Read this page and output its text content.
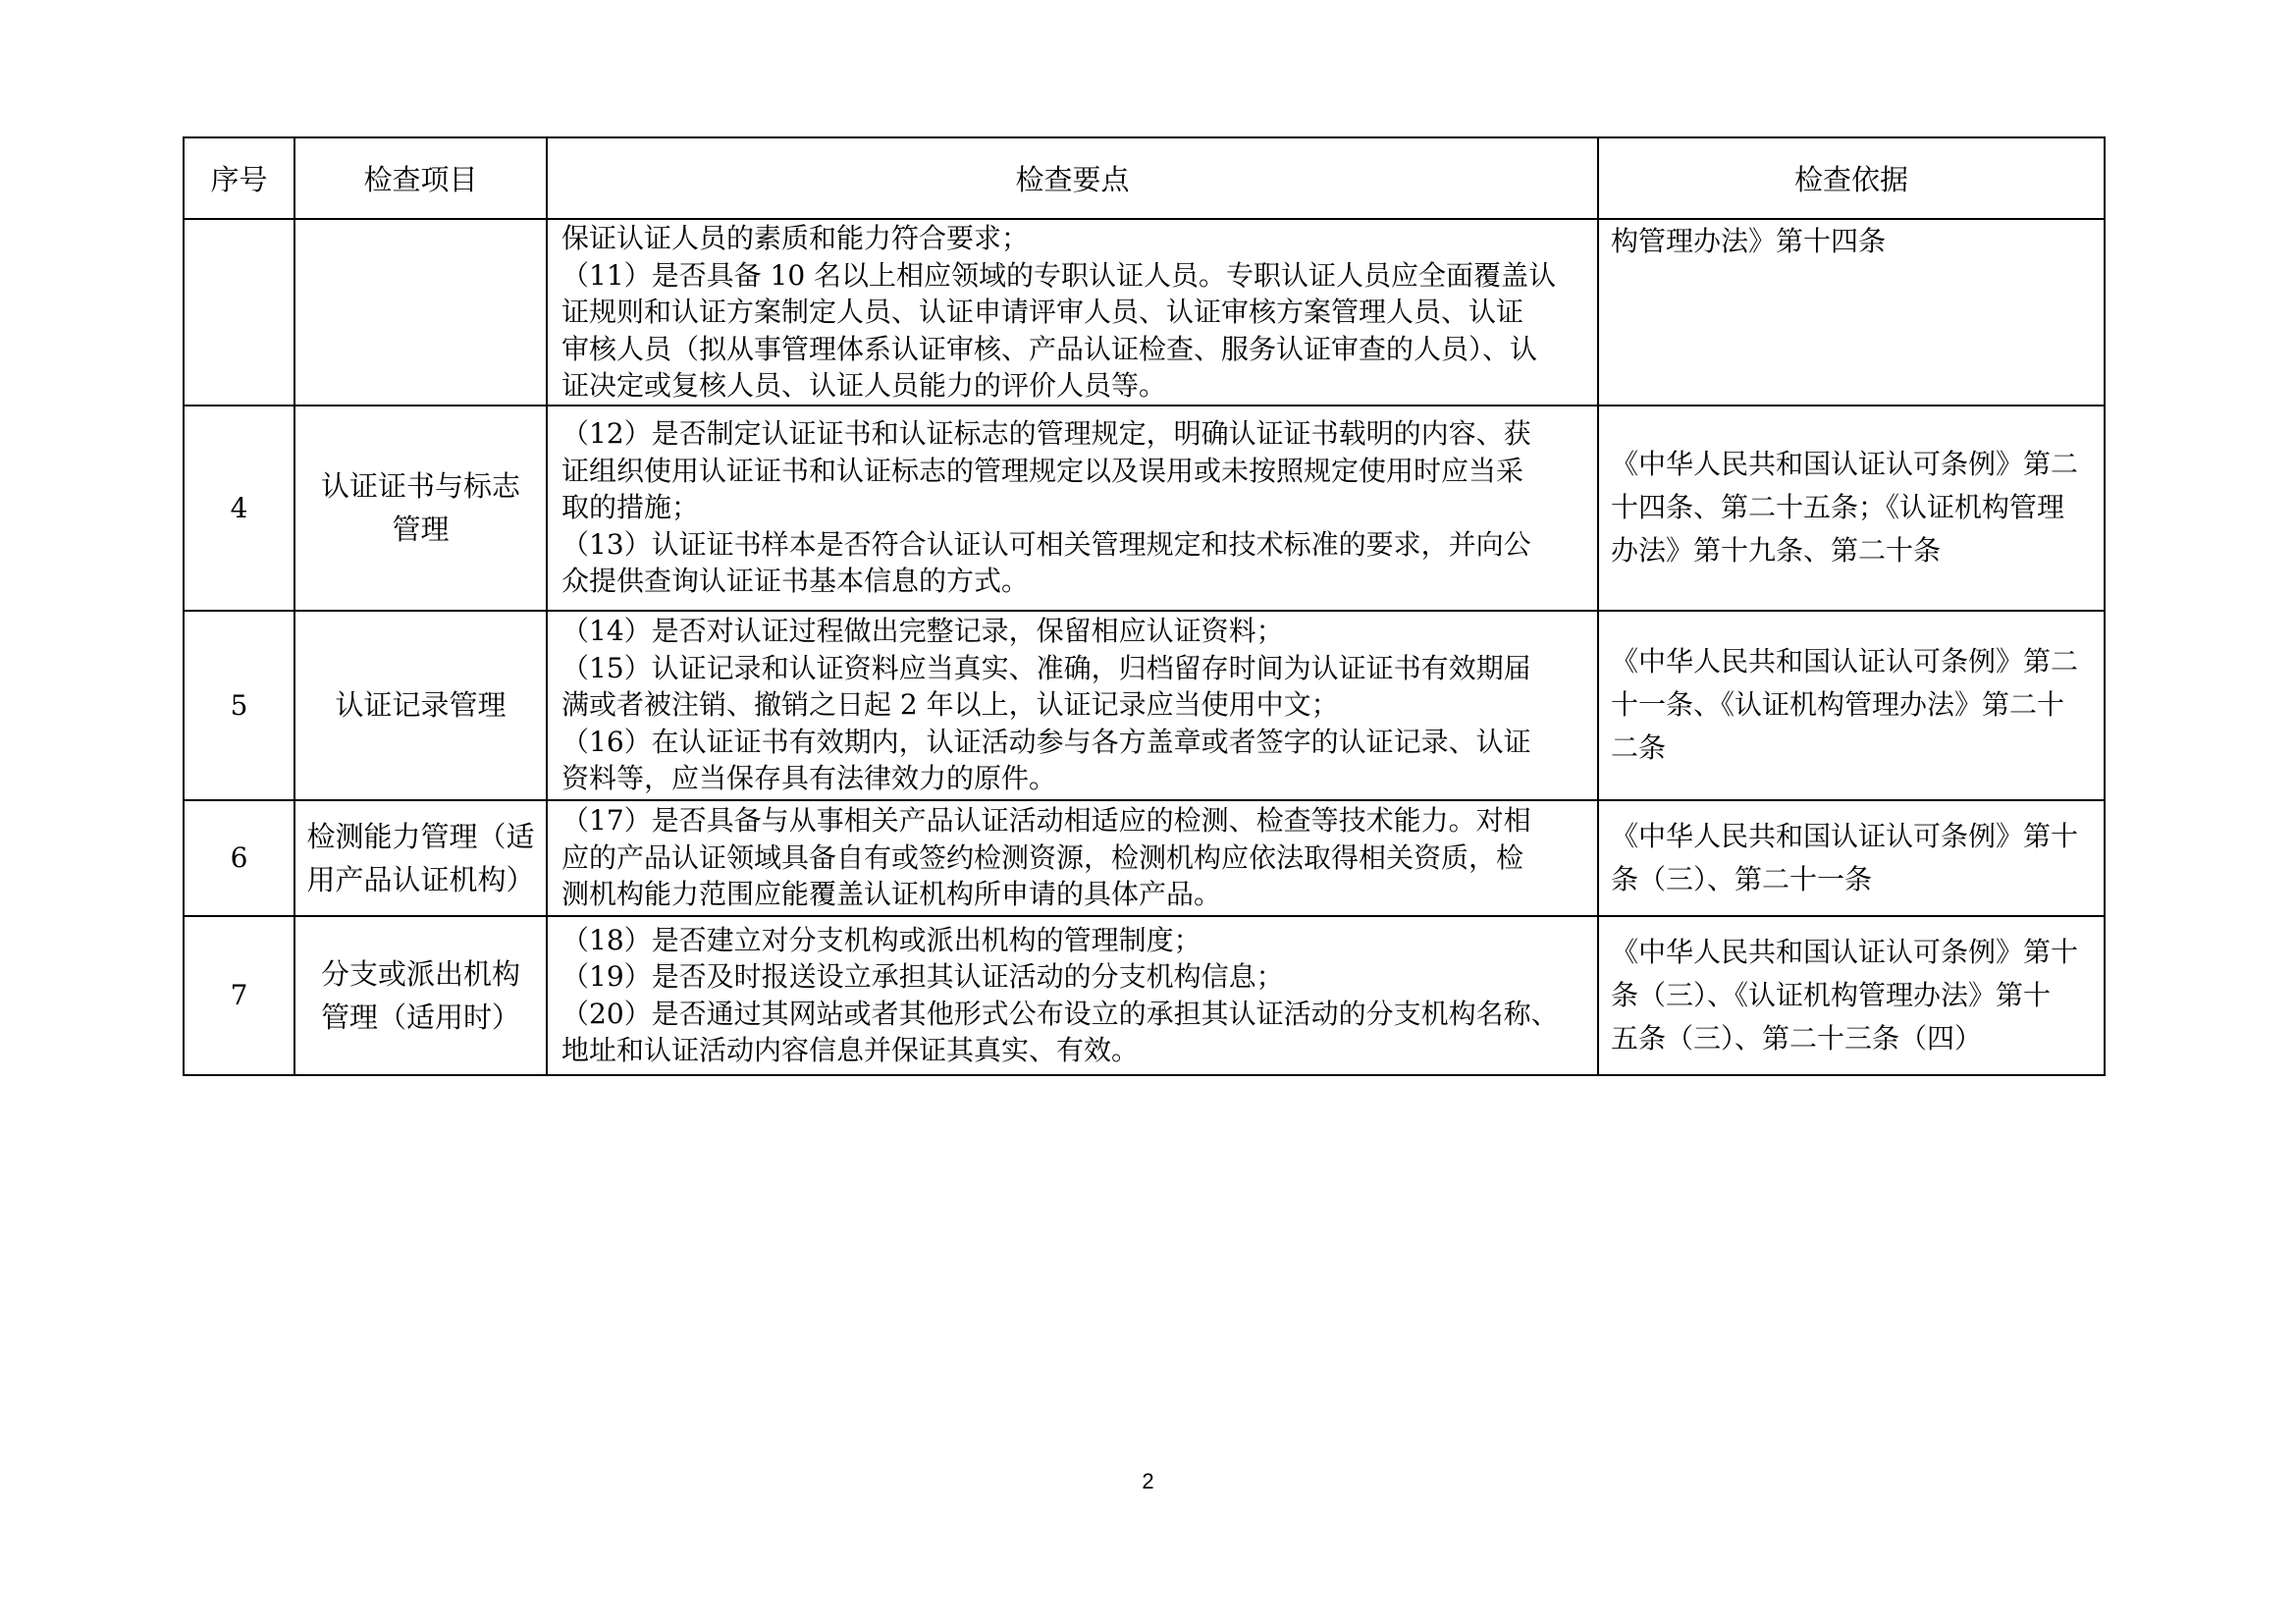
序号	检查项目	检查要点	检查依据

		保证认证人员的素质和能力符合要求；
（11）是否具备 10 名以上相应领域的专职认证人员。专职认证人员应全面覆盖认
证规则和认证方案制定人员、认证申请评审人员、认证审核方案管理人员、认证
审核人员（拟从事管理体系认证审核、产品认证检查、服务认证审查的人员）、认
证决定或复核人员、认证人员能力的评价人员等。	构管理办法》第十四条

4	认证证书与标志
管理	（12）是否制定认证证书和认证标志的管理规定，明确认证证书载明的内容、获
证组织使用认证证书和认证标志的管理规定以及误用或未按照规定使用时应当采
取的措施；
（13）认证证书样本是否符合认证认可相关管理规定和技术标准的要求，并向公
众提供查询认证证书基本信息的方式。	《中华人民共和国认证认可条例》第二
十四条、第二十五条；《认证机构管理
办法》第十九条、第二十条

5	认证记录管理	（14）是否对认证过程做出完整记录，保留相应认证资料；
（15）认证记录和认证资料应当真实、准确，归档留存时间为认证证书有效期届
满或者被注销、撤销之日起 2 年以上，认证记录应当使用中文；
（16）在认证证书有效期内，认证活动参与各方盖章或者签字的认证记录、认证
资料等，应当保存具有法律效力的原件。	《中华人民共和国认证认可条例》第二
十一条、《认证机构管理办法》第二十
二条

6	检测能力管理（适
用产品认证机构）	（17）是否具备与从事相关产品认证活动相适应的检测、检查等技术能力。对相
应的产品认证领域具备自有或签约检测资源，检测机构应依法取得相关资质，检
测机构能力范围应能覆盖认证机构所申请的具体产品。	《中华人民共和国认证认可条例》第十
条（三）、第二十一条

7	分支或派出机构
管理（适用时）	（18）是否建立对分支机构或派出机构的管理制度；
（19）是否及时报送设立承担其认证活动的分支机构信息；
（20）是否通过其网站或者其他形式公布设立的承担其认证活动的分支机构名称、
地址和认证活动内容信息并保证其真实、有效。	《中华人民共和国认证认可条例》第十
条（三）、《认证机构管理办法》第十
五条（三）、第二十三条（四）
2
